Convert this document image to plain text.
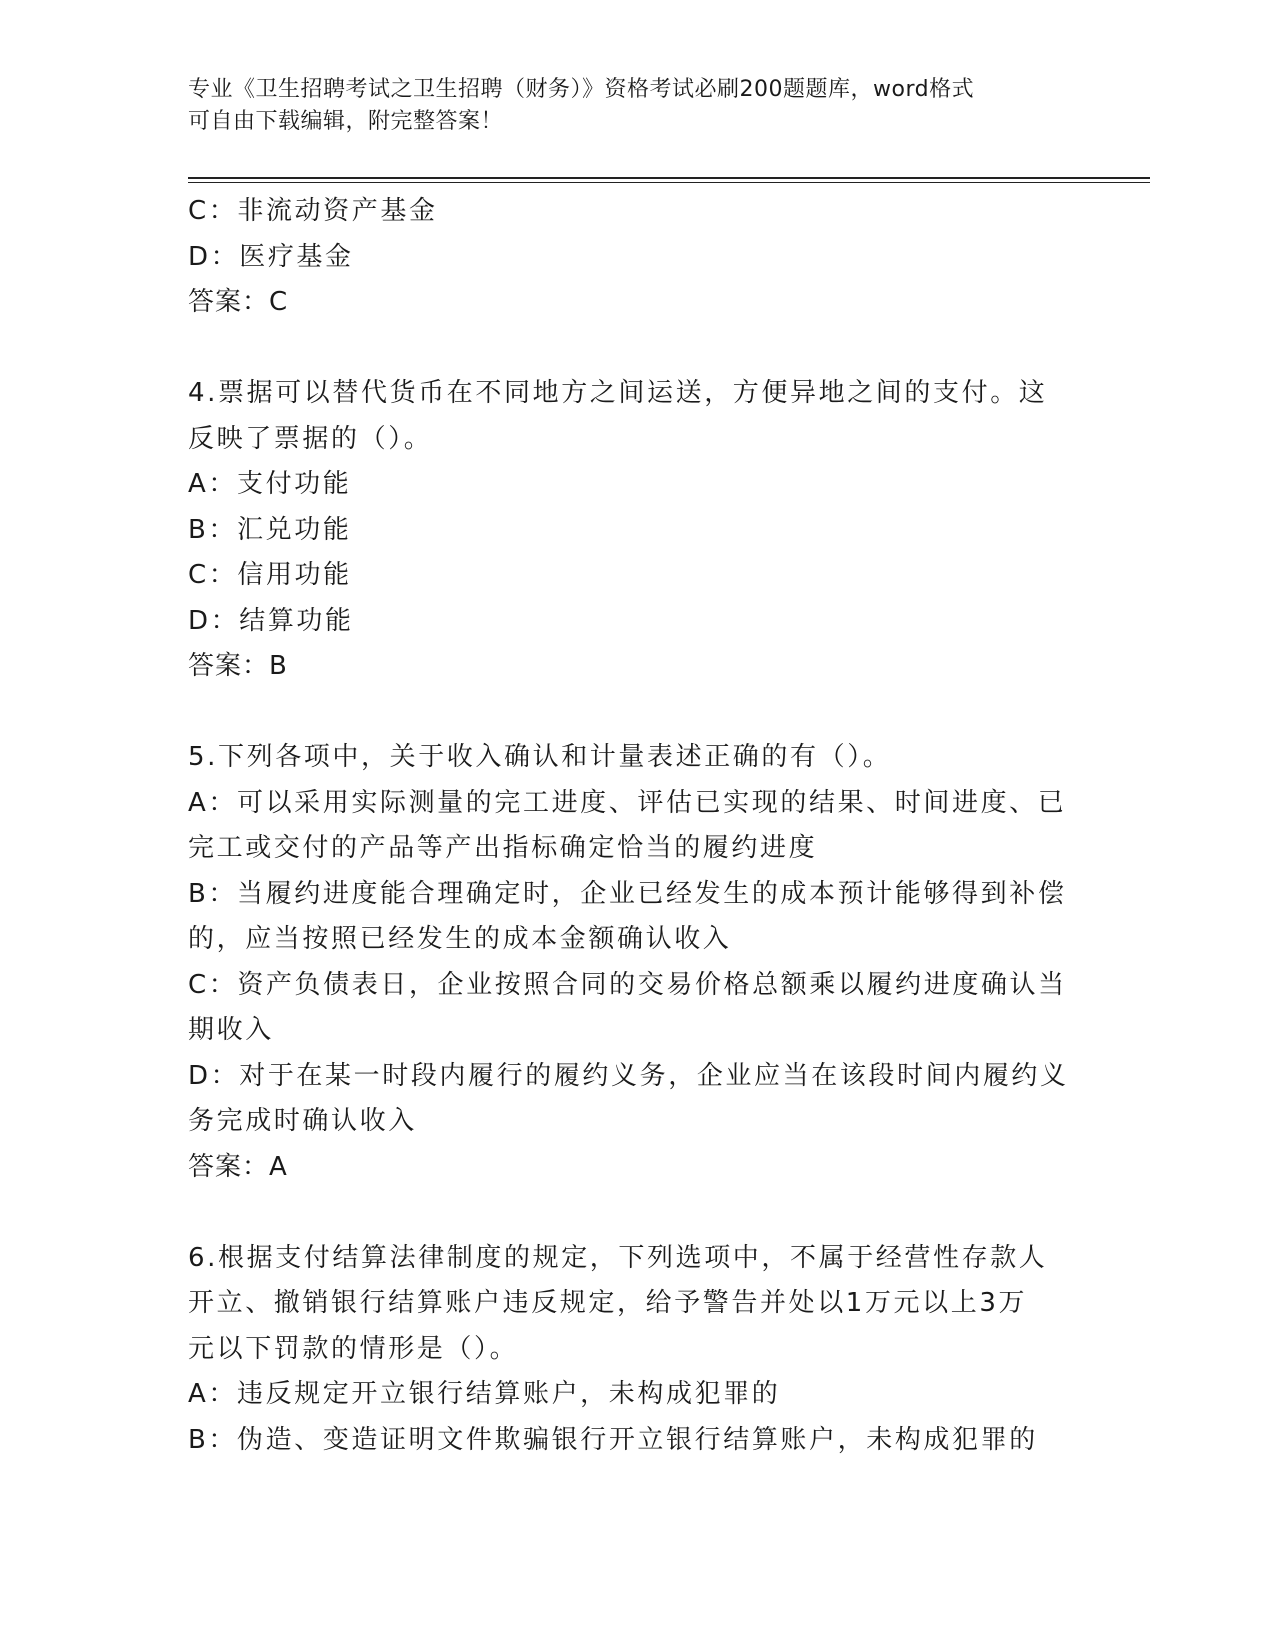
专业《卫生招聘考试之卫生招聘（财务）》资格考试必刷200题题库，word格式
可自由下载编辑，附完整答案！

C：非流动资产基金

D：医疗基金

答案：C

4.票据可以替代货币在不同地方之间运送，方便异地之间的支付。这

反映了票据的（）。

A：支付功能

B：汇兑功能

C：信用功能

D：结算功能

答案：B

5.下列各项中，关于收入确认和计量表述正确的有（）。

A：可以采用实际测量的完工进度、评估已实现的结果、时间进度、已

完工或交付的产品等产出指标确定恰当的履约进度

B：当履约进度能合理确定时，企业已经发生的成本预计能够得到补偿

的，应当按照已经发生的成本金额确认收入

C：资产负债表日，企业按照合同的交易价格总额乘以履约进度确认当

期收入

D：对于在某一时段内履行的履约义务，企业应当在该段时间内履约义

务完成时确认收入

答案：A

6.根据支付结算法律制度的规定，下列选项中，不属于经营性存款人

开立、撤销银行结算账户违反规定，给予警告并处以1万元以上3万

元以下罚款的情形是（）。

A：违反规定开立银行结算账户，未构成犯罪的

B：伪造、变造证明文件欺骗银行开立银行结算账户，未构成犯罪的
